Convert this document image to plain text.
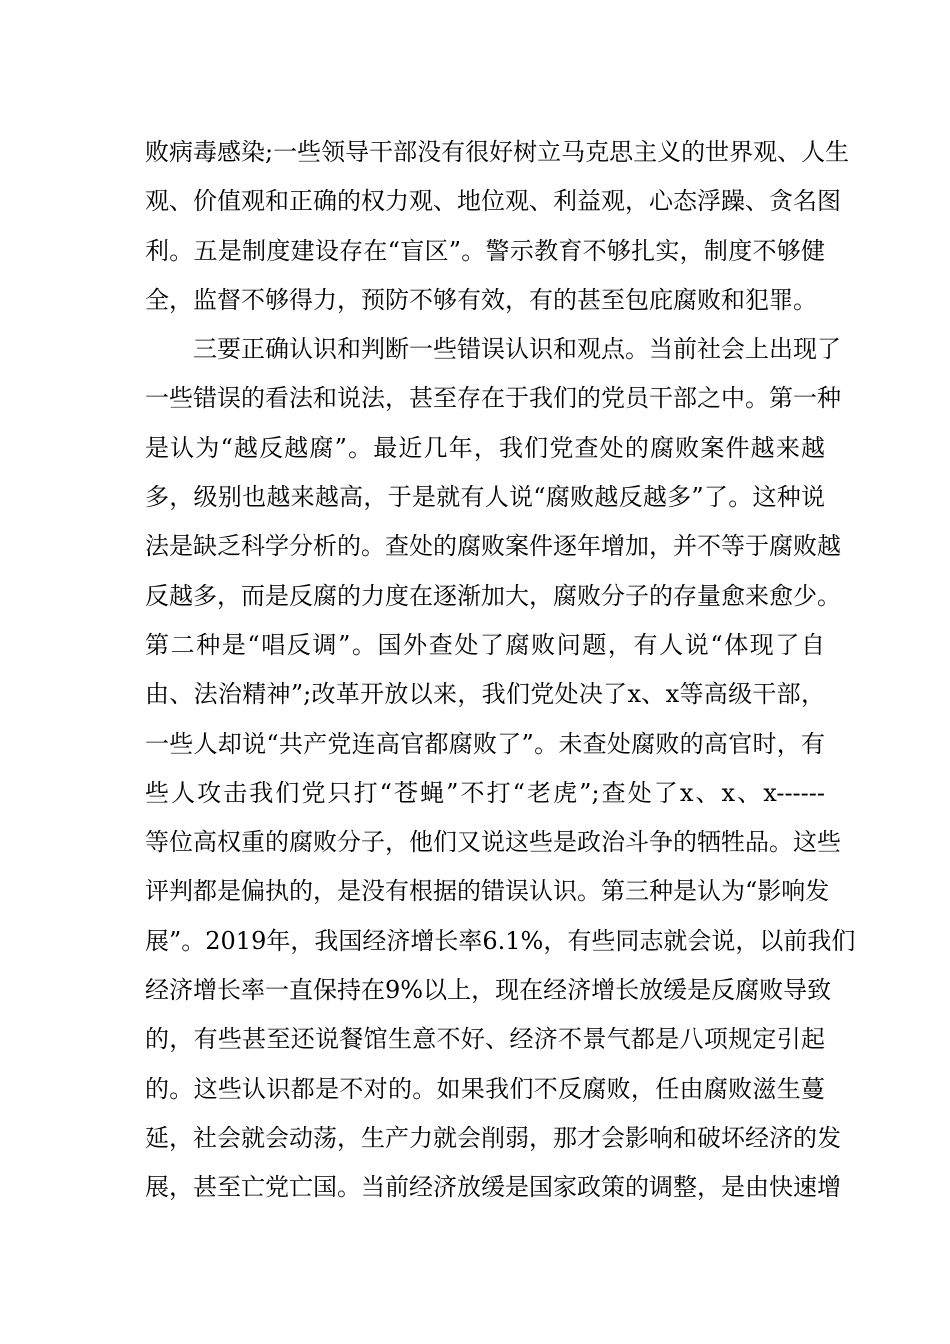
败病毒感染;一些领导干部没有很好树立马克思主义的世界观、人生
观、价值观和正确的权力观、地位观、利益观，心态浮躁、贪名图
利。五是制度建设存在“盲区”。警示教育不够扎实，制度不够健
全，监督不够得力，预防不够有效，有的甚至包庇腐败和犯罪。
　　三要正确认识和判断一些错误认识和观点。当前社会上出现了
一些错误的看法和说法，甚至存在于我们的党员干部之中。第一种
是认为“越反越腐”。最近几年，我们党查处的腐败案件越来越
多，级别也越来越高，于是就有人说“腐败越反越多”了。这种说
法是缺乏科学分析的。查处的腐败案件逐年增加，并不等于腐败越
反越多，而是反腐的力度在逐渐加大，腐败分子的存量愈来愈少。
第二种是“唱反调”。国外查处了腐败问题，有人说“体现了自
由、法治精神”;改革开放以来，我们党处决了x、x等高级干部，
一些人却说“共产党连高官都腐败了”。未查处腐败的高官时，有
些人攻击我们党只打“苍蝇”不打“老虎”;查处了x、x、x------
等位高权重的腐败分子，他们又说这些是政治斗争的牺牲品。这些
评判都是偏执的，是没有根据的错误认识。第三种是认为“影响发
展”。2019年，我国经济增长率6.1%，有些同志就会说，以前我们
经济增长率一直保持在9%以上，现在经济增长放缓是反腐败导致
的，有些甚至还说餐馆生意不好、经济不景气都是八项规定引起
的。这些认识都是不对的。如果我们不反腐败，任由腐败滋生蔓
延，社会就会动荡，生产力就会削弱，那才会影响和破坏经济的发
展，甚至亡党亡国。当前经济放缓是国家政策的调整，是由快速增
